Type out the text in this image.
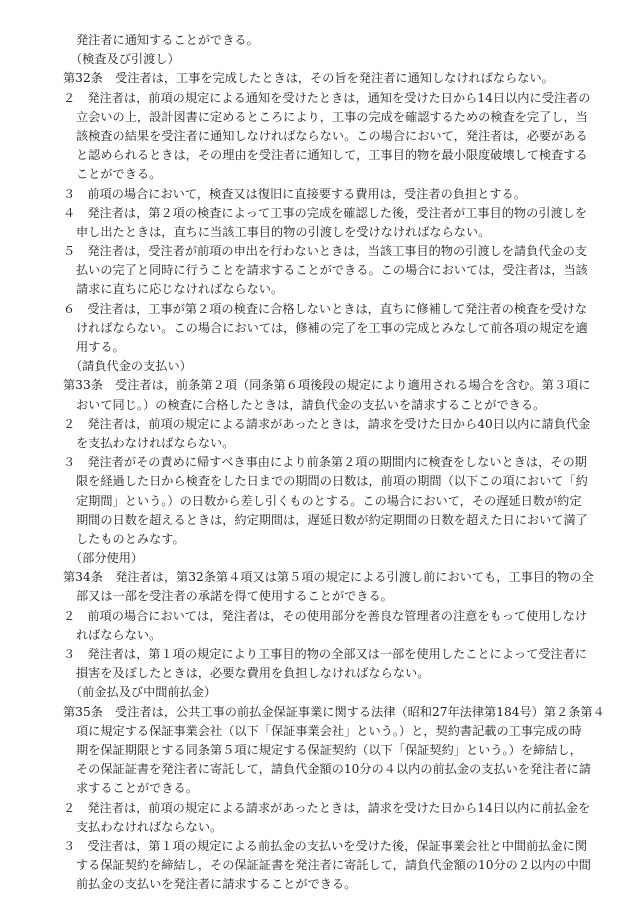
発注者に通知することができる。
（検査及び引渡し）
第32条　受注者は，工事を完成したときは，その旨を発注者に通知しなければならない。
２　発注者は，前項の規定による通知を受けたときは，通知を受けた日から14日以内に受注者の
立会いの上，設計図書に定めるところにより，工事の完成を確認するための検査を完了し，当
該検査の結果を受注者に通知しなければならない。この場合において，発注者は，必要がある
と認められるときは，その理由を受注者に通知して，工事目的物を最小限度破壊して検査する
ことができる。
３　前項の場合において，検査又は復旧に直接要する費用は，受注者の負担とする。
４　発注者は，第２項の検査によって工事の完成を確認した後，受注者が工事目的物の引渡しを
申し出たときは，直ちに当該工事目的物の引渡しを受けなければならない。
５　発注者は，受注者が前項の申出を行わないときは，当該工事目的物の引渡しを請負代金の支
払いの完了と同時に行うことを請求することができる。この場合においては，受注者は，当該
請求に直ちに応じなければならない。
６　受注者は，工事が第２項の検査に合格しないときは，直ちに修補して発注者の検査を受けな
ければならない。この場合においては，修補の完了を工事の完成とみなして前各項の規定を適
用する。
（請負代金の支払い）
第33条　受注者は，前条第２項（同条第６項後段の規定により適用される場合を含む。第３項に
おいて同じ。）の検査に合格したときは，請負代金の支払いを請求することができる。
２　発注者は，前項の規定による請求があったときは，請求を受けた日から40日以内に請負代金
を支払わなければならない。
３　発注者がその責めに帰すべき事由により前条第２項の期間内に検査をしないときは，その期
限を経過した日から検査をした日までの期間の日数は，前項の期間（以下この項において「約
定期間」という。）の日数から差し引くものとする。この場合において，その遅延日数が約定
期間の日数を超えるときは，約定期間は，遅延日数が約定期間の日数を超えた日において満了
したものとみなす。
（部分使用）
第34条　発注者は，第32条第４項又は第５項の規定による引渡し前においても，工事目的物の全
部又は一部を受注者の承諾を得て使用することができる。
２　前項の場合においては，発注者は，その使用部分を善良な管理者の注意をもって使用しなけ
ればならない。
３　発注者は，第１項の規定により工事目的物の全部又は一部を使用したことによって受注者に
損害を及ぼしたときは，必要な費用を負担しなければならない。
（前金払及び中間前払金）
第35条　受注者は，公共工事の前払金保証事業に関する法律（昭和27年法律第184号）第２条第４
項に規定する保証事業会社（以下「保証事業会社」という。）と，契約書記載の工事完成の時
期を保証期限とする同条第５項に規定する保証契約（以下「保証契約」という。）を締結し，
その保証証書を発注者に寄託して，請負代金額の10分の４以内の前払金の支払いを発注者に請
求することができる。
２　発注者は，前項の規定による請求があったときは，請求を受けた日から14日以内に前払金を
支払わなければならない。
３　受注者は，第１項の規定による前払金の支払いを受けた後，保証事業会社と中間前払金に関
する保証契約を締結し，その保証証書を発注者に寄託して，請負代金額の10分の２以内の中間
前払金の支払いを発注者に請求することができる。
